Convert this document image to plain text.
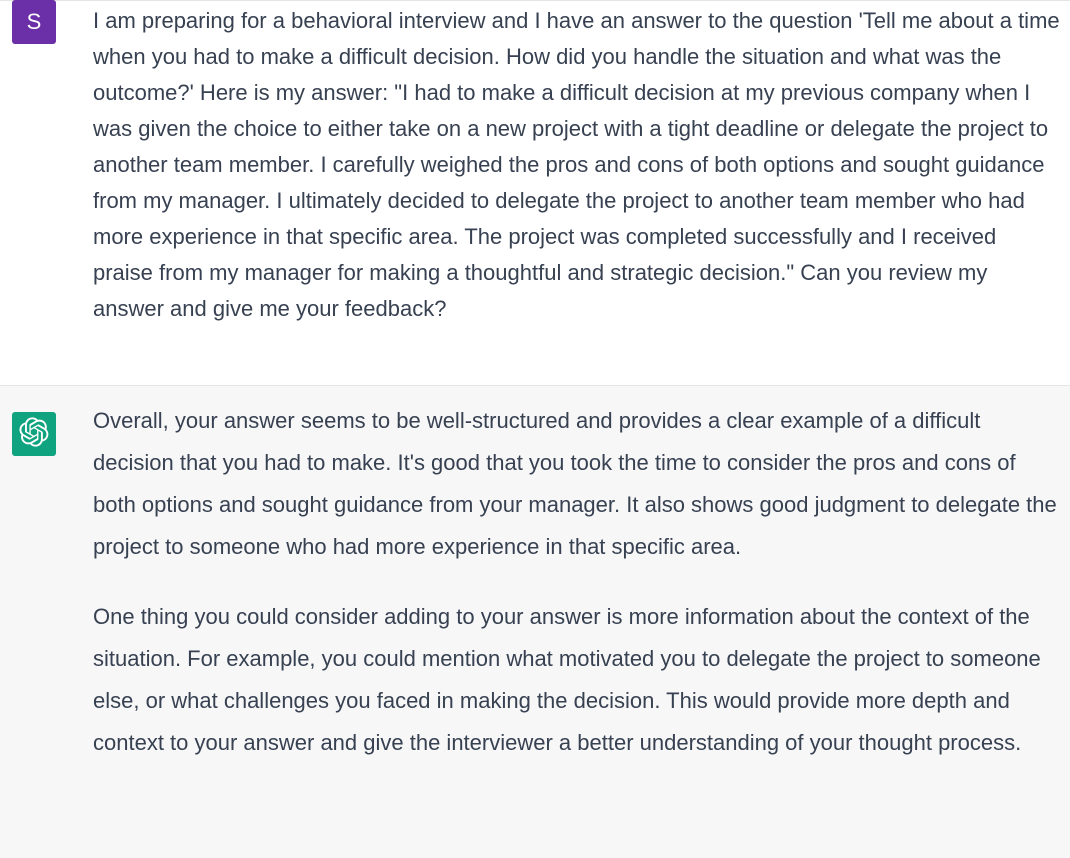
S I am preparing for a behavioral interview and I have an answer to the question 'Tell me about a time when you had to make a difficult decision. How did you handle the situation and what was the outcome?' Here is my answer: "I had to make a difficult decision at my previous company when I was given the choice to either take on a new project with a tight deadline or delegate the project to another team member. I carefully weighed the pros and cons of both options and sought guidance from my manager. I ultimately decided to delegate the project to another team member who had more experience in that specific area. The project was completed successfully and I received praise from my manager for making a thoughtful and strategic decision." Can you review my answer and give me your feedback?

Overall, your answer seems to be well-structured and provides a clear example of a difficult decision that you had to make. It's good that you took the time to consider the pros and cons of both options and sought guidance from your manager. It also shows good judgment to delegate the project to someone who had more experience in that specific area.

One thing you could consider adding to your answer is more information about the context of the situation. For example, you could mention what motivated you to delegate the project to someone else, or what challenges you faced in making the decision. This would provide more depth and context to your answer and give the interviewer a better understanding of your thought process.
